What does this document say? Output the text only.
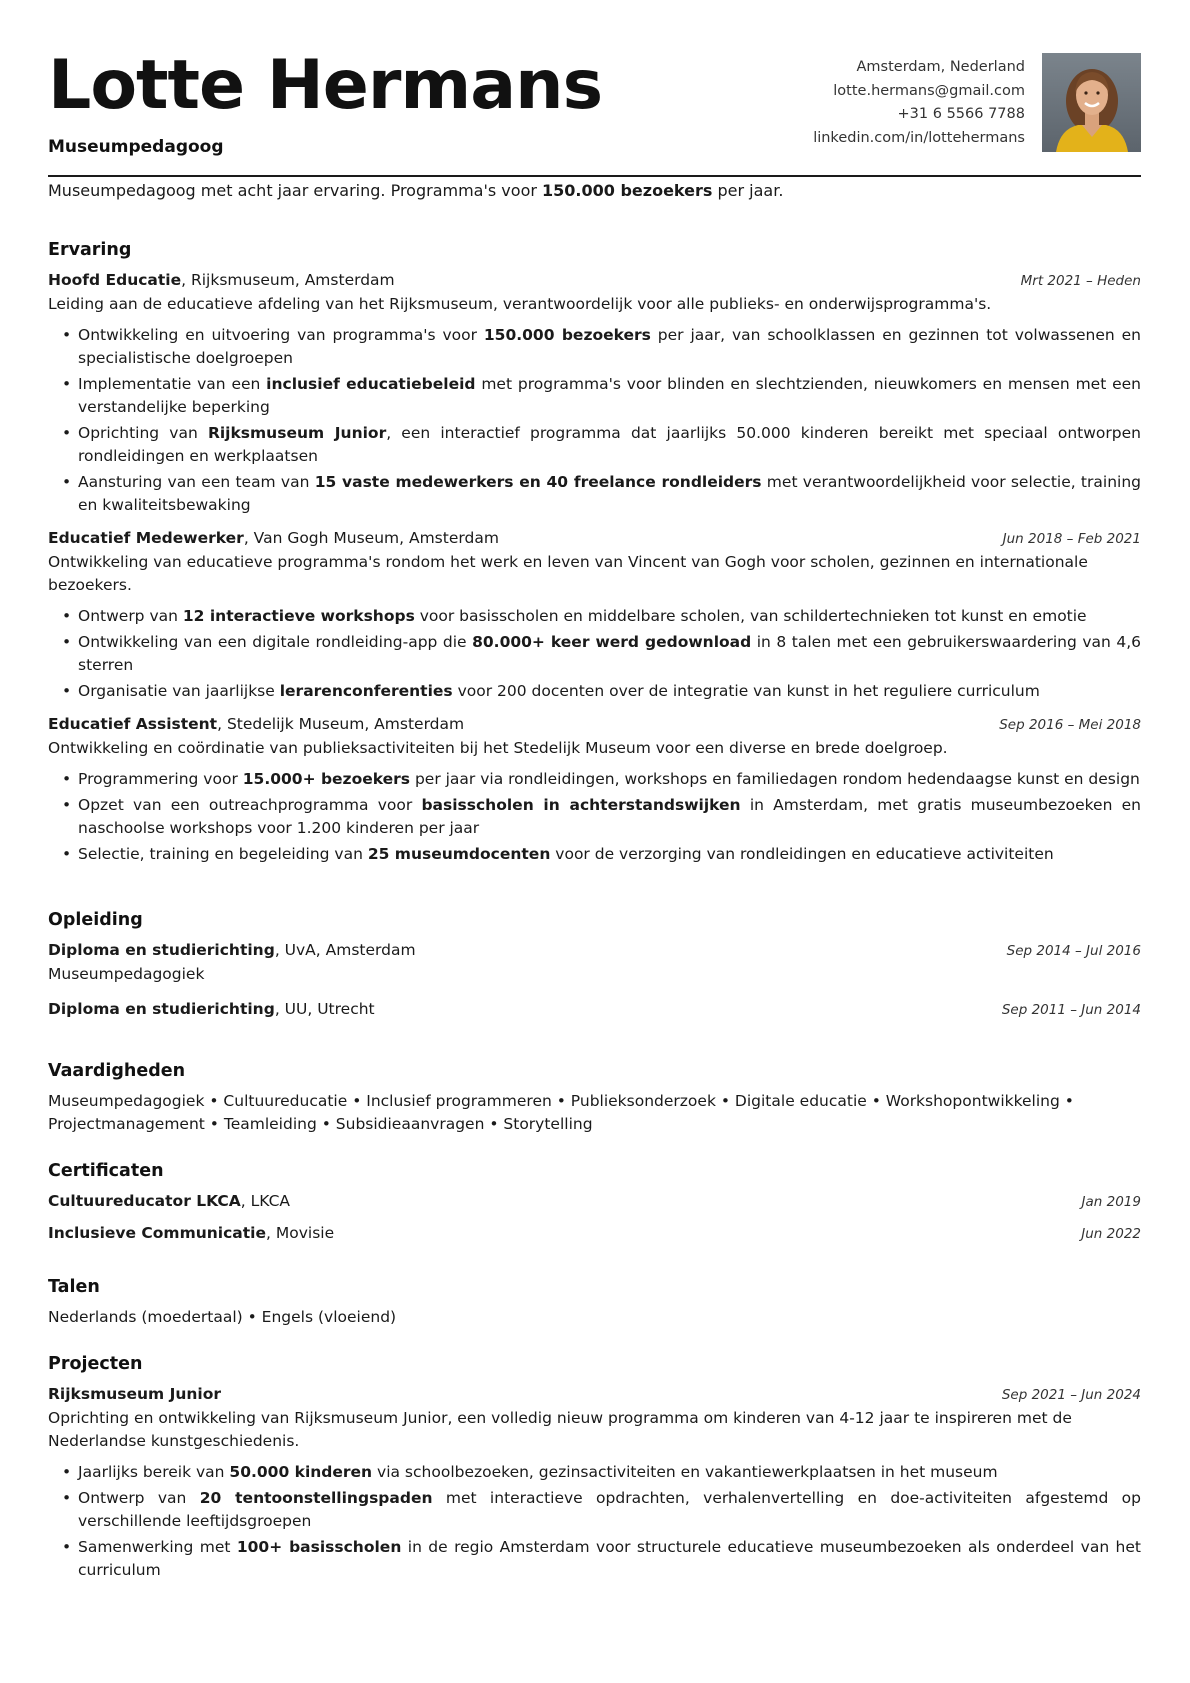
Lotte Hermans
Museumpedagoog
Amsterdam, Nederland
lotte.hermans@gmail.com
+31 6 5566 7788
linkedin.com/in/lottehermans
Museumpedagoog met acht jaar ervaring. Programma's voor 150.000 bezoekers per jaar.
Ervaring
Hoofd Educatie, Rijksmuseum, Amsterdam	Mrt 2021 – Heden
Leiding aan de educatieve afdeling van het Rijksmuseum, verantwoordelijk voor alle publieks- en onderwijsprogramma's.
• Ontwikkeling en uitvoering van programma's voor 150.000 bezoekers per jaar, van schoolklassen en gezinnen tot volwassenen en specialistische doelgroepen
• Implementatie van een inclusief educatiebeleid met programma's voor blinden en slechtzienden, nieuwkomers en mensen met een verstandelijke beperking
• Oprichting van Rijksmuseum Junior, een interactief programma dat jaarlijks 50.000 kinderen bereikt met speciaal ontworpen rondleidingen en werkplaatsen
• Aansturing van een team van 15 vaste medewerkers en 40 freelance rondleiders met verantwoordelijkheid voor selectie, training en kwaliteitsbewaking
Educatief Medewerker, Van Gogh Museum, Amsterdam	Jun 2018 – Feb 2021
Ontwikkeling van educatieve programma's rondom het werk en leven van Vincent van Gogh voor scholen, gezinnen en internationale bezoekers.
• Ontwerp van 12 interactieve workshops voor basisscholen en middelbare scholen, van schildertechnieken tot kunst en emotie
• Ontwikkeling van een digitale rondleiding-app die 80.000+ keer werd gedownload in 8 talen met een gebruikerswaardering van 4,6 sterren
• Organisatie van jaarlijkse lerarenconferenties voor 200 docenten over de integratie van kunst in het reguliere curriculum
Educatief Assistent, Stedelijk Museum, Amsterdam	Sep 2016 – Mei 2018
Ontwikkeling en coördinatie van publieksactiviteiten bij het Stedelijk Museum voor een diverse en brede doelgroep.
• Programmering voor 15.000+ bezoekers per jaar via rondleidingen, workshops en familiedagen rondom hedendaagse kunst en design
• Opzet van een outreachprogramma voor basisscholen in achterstandswijken in Amsterdam, met gratis museumbezoeken en naschoolse workshops voor 1.200 kinderen per jaar
• Selectie, training en begeleiding van 25 museumdocenten voor de verzorging van rondleidingen en educatieve activiteiten
Opleiding
Diploma en studierichting, UvA, Amsterdam	Sep 2014 – Jul 2016
Museumpedagogiek
Diploma en studierichting, UU, Utrecht	Sep 2011 – Jun 2014
Vaardigheden
Museumpedagogiek • Cultuureducatie • Inclusief programmeren • Publieksonderzoek • Digitale educatie • Workshopontwikkeling • Projectmanagement • Teamleiding • Subsidieaanvragen • Storytelling
Certificaten
Cultuureducator LKCA, LKCA	Jan 2019
Inclusieve Communicatie, Movisie	Jun 2022
Talen
Nederlands (moedertaal) • Engels (vloeiend)
Projecten
Rijksmuseum Junior	Sep 2021 – Jun 2024
Oprichting en ontwikkeling van Rijksmuseum Junior, een volledig nieuw programma om kinderen van 4-12 jaar te inspireren met de Nederlandse kunstgeschiedenis.
• Jaarlijks bereik van 50.000 kinderen via schoolbezoeken, gezinsactiviteiten en vakantiewerkplaatsen in het museum
• Ontwerp van 20 tentoonstellingspaden met interactieve opdrachten, verhalenvertelling en doe-activiteiten afgestemd op verschillende leeftijdsgroepen
• Samenwerking met 100+ basisscholen in de regio Amsterdam voor structurele educatieve museumbezoeken als onderdeel van het curriculum
